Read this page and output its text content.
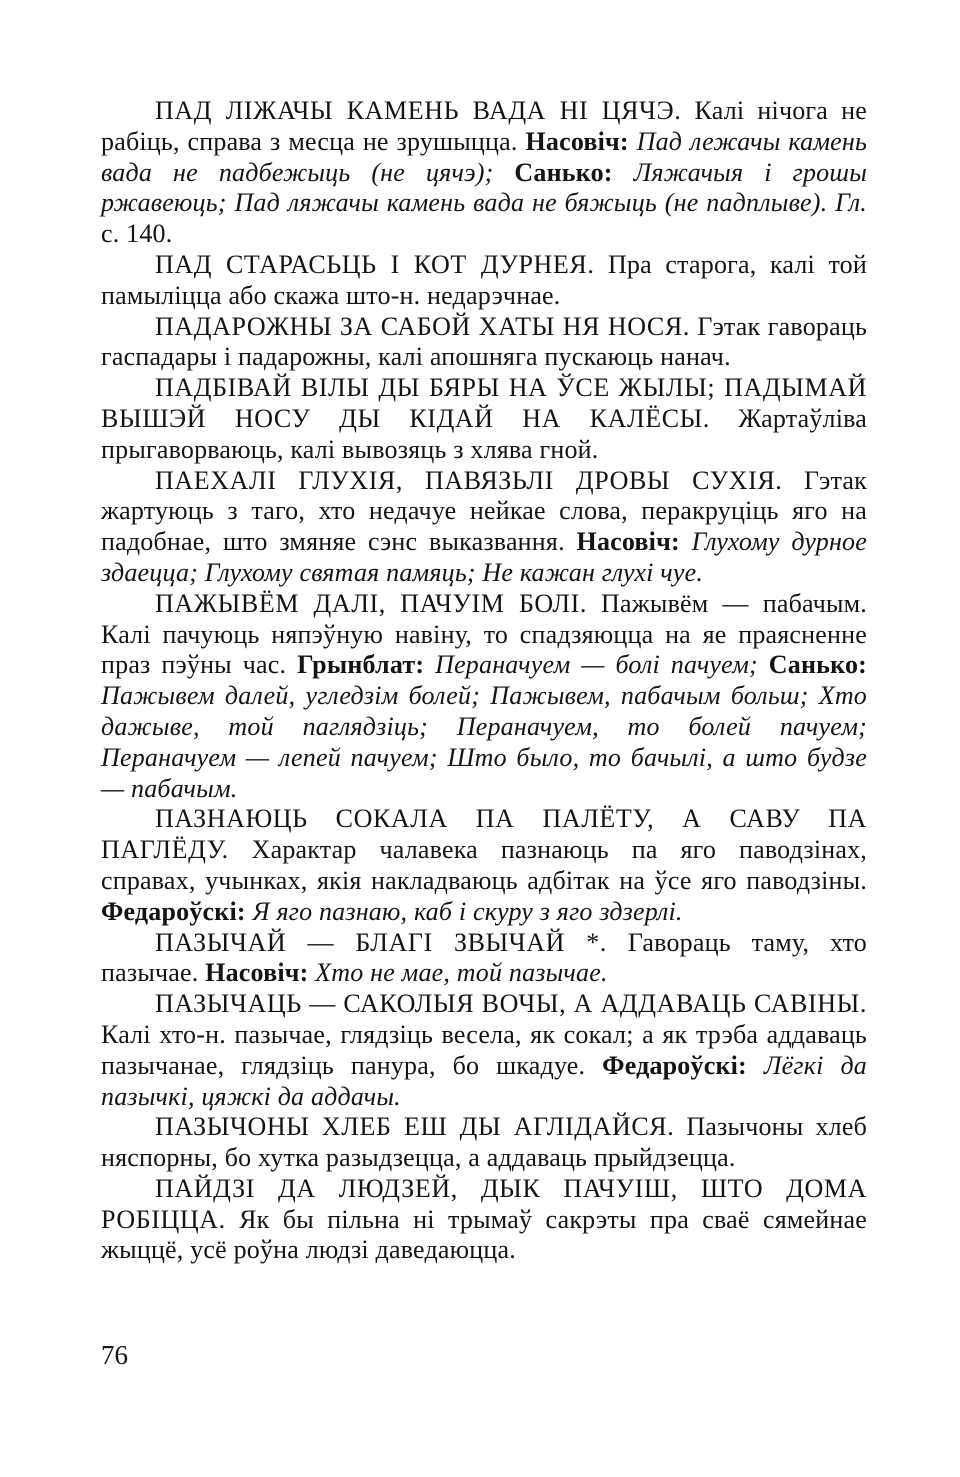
ПАД ЛІЖАЧЫ КАМЕНЬ ВАДА НІ ЦЯЧЭ. Калі нічога не рабіць, справа з месца не зрушыцца. Насовіч: Пад лежачы камень вада не падбежыць (не цячэ); Санько: Ляжачыя і грошы ржавеюць; Пад ляжачы камень вада не бяжыць (не падплыве). Гл. с. 140.

ПАД СТАРАСЬЦЬ І КОТ ДУРНЕЯ. Пра старога, калі той памыліцца або скажа што-н. недарэчнае.

ПАДАРОЖНЫ ЗА САБОЙ ХАТЫ НЯ НОСЯ. Гэтак гавораць гаспадары і падарожны, калі апошняга пускаюць нанач.

ПАДБІВАЙ ВІЛЫ ДЫ БЯРЫ НА ЎСЕ ЖЫЛЫ; ПАДЫМАЙ ВЫШЭЙ НОСУ ДЫ КІДАЙ НА КАЛЁСЫ. Жартаўліва прыгаворваюць, калі вывозяць з хлява гной.

ПАЕХАЛІ ГЛУХІЯ, ПАВЯЗЬЛІ ДРОВЫ СУХІЯ. Гэтак жартуюць з таго, хто недачуе нейкае слова, перакруціць яго на падобнае, што змяняе сэнс выказвання. Насовіч: Глухому дурное здаецца; Глухому святая памяць; Не кажан глухі чуе.

ПАЖЫВЁМ ДАЛІ, ПАЧУІМ БОЛІ. Пажывём — пабачым. Калі пачуюць няпэўную навіну, то спадзяюцца на яе праясненне праз пэўны час. Грынблат: Пераначуем — болі пачуем; Санько: Пажывем далей, угледзім болей; Пажывем, пабачым больш; Хто дажыве, той паглядзіць; Пераначуем, то болей пачуем; Пераначуем — лепей пачуем; Што было, то бачылі, а што будзе — пабачым.

ПАЗНАЮЦЬ СОКАЛА ПА ПАЛЁТУ, А САВУ ПА ПАГЛЁДУ. Характар чалавека пазнаюць па яго паводзінах, справах, учынках, якія накладваюць адбітак на ўсе яго паводзіны. Федароўскі: Я яго пазнаю, каб і скуру з яго здзерлі.

ПАЗЫЧАЙ — БЛАГІ ЗВЫЧАЙ *. Гавораць таму, хто пазычае. Насовіч: Хто не мае, той пазычае.

ПАЗЫЧАЦЬ — САКОЛЫЯ ВОЧЫ, А АДДАВАЦЬ САВІНЫ. Калі хто-н. пазычае, глядзіць весела, як сокал; а як трэба аддаваць пазычанае, глядзіць панура, бо шкадуе. Федароўскі: Лёгкі да пазычкі, цяжкі да аддачы.

ПАЗЫЧОНЫ ХЛЕБ ЕШ ДЫ АГЛІДАЙСЯ. Пазычоны хлеб няспорны, бо хутка разыдзецца, а аддаваць прыйдзецца.

ПАЙДЗІ ДА ЛЮДЗЕЙ, ДЫК ПАЧУІШ, ШТО ДОМА РОБІЦЦА. Як бы пільна ні трымаў сакрэты пра сваё сямейнае жыццё, усё роўна людзі даведаюцца.

76
